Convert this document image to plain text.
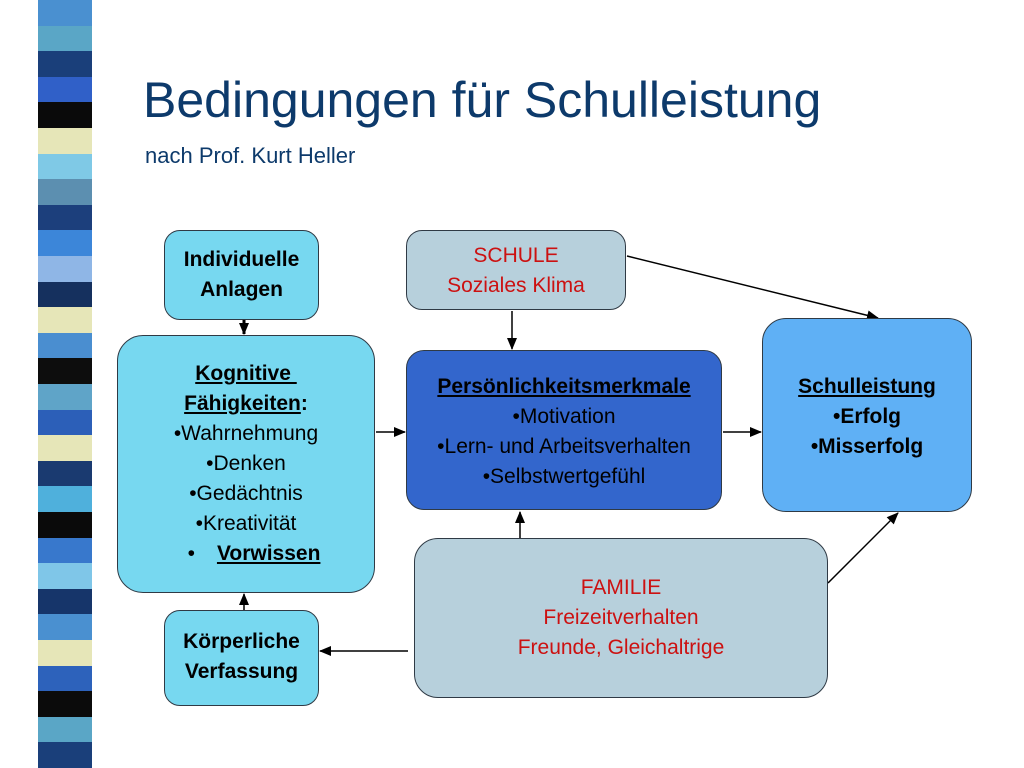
Bedingungen für Schulleistung

nach Prof. Kurt Heller

Individuelle
Anlagen
Kognitive
Fähigkeiten:
•Wahrnehmung
•Denken
•Gedächtnis
•Kreativität
• Vorwissen
Körperliche
Verfassung
SCHULE
Soziales Klima
Persönlichkeitsmerkmale
•Motivation
•Lern- und Arbeitsverhalten
•Selbstwertgefühl
Schulleistung
•Erfolg
•Misserfolg
FAMILIE
Freizeitverhalten
Freunde, Gleichaltrige
